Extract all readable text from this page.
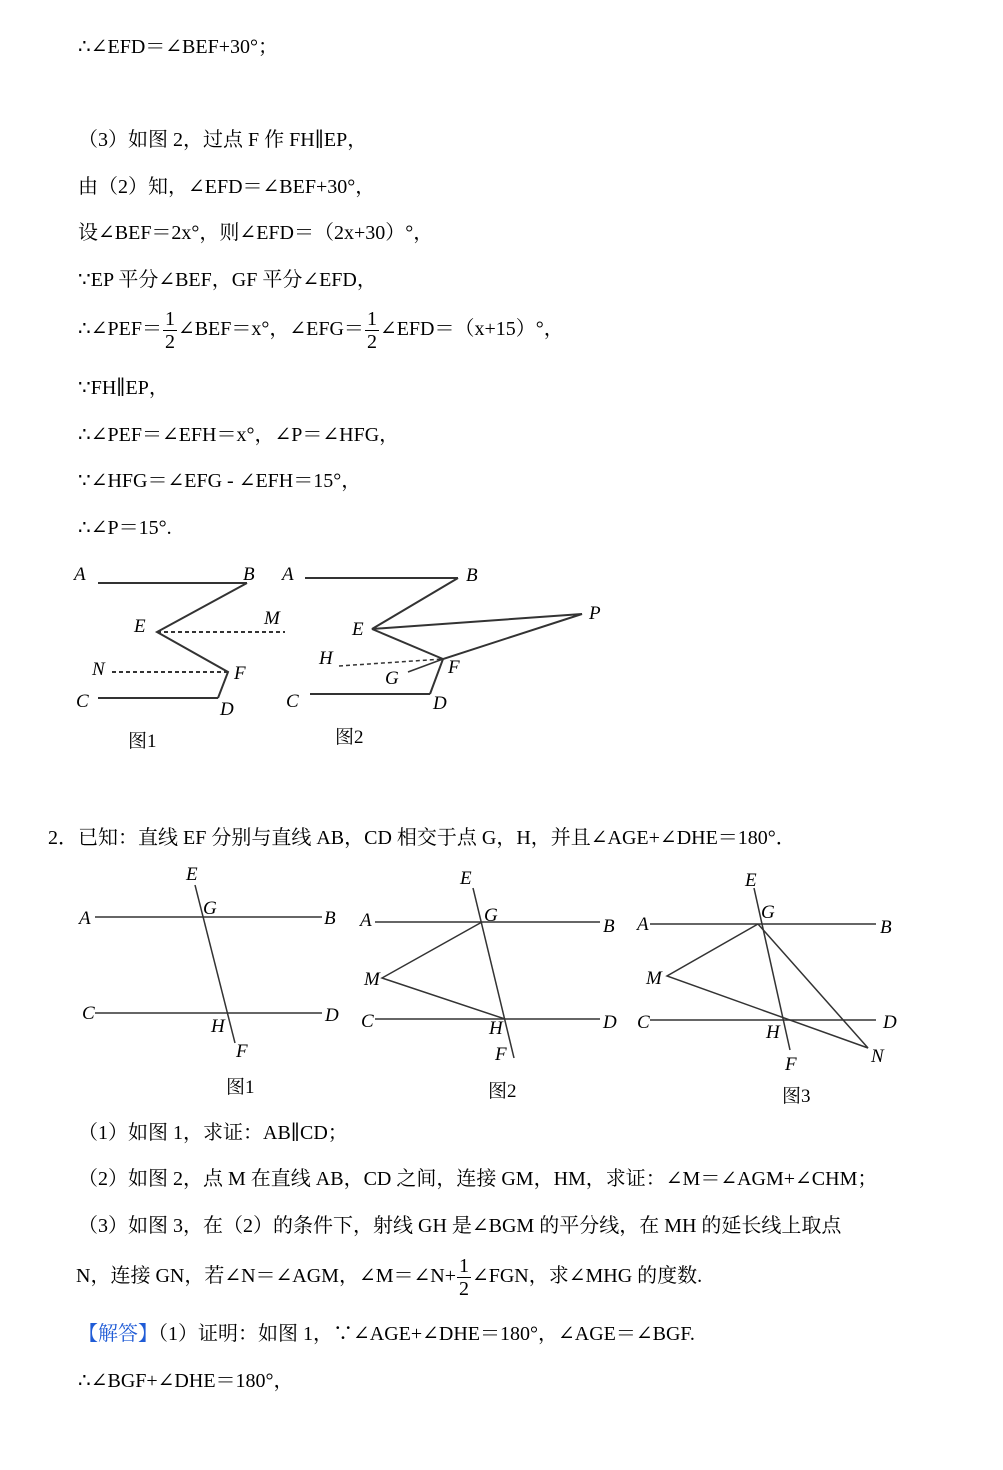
∴∠EFD＝∠BEF+30°；
（3）如图 2，过点 F 作 FH∥EP，
由（2）知，∠EFD＝∠BEF+30°，
设∠BEF＝2x°，则∠EFD＝（2x+30）°，
∵EP 平分∠BEF，GF 平分∠EFD，
∴∠PEF＝ $\frac{1}{2}$ ∠BEF＝x°，∠EFG＝ $\frac{1}{2}$ ∠EFD＝（x+15）°，
∵FH∥EP，
∴∠PEF＝∠EFH＝x°，∠P＝∠HFG，
∵∠HFG＝∠EFG - ∠EFH＝15°，
∴∠P＝15°.
A	B
E	M
N	F
C	D
图1
A	B
E
P
H
G
F
C	D
图2
A	B
E
G
C	D
H
F
图1
A	B
E
G
M
C	D
H
F
图2
A	B
E
G
M
C	D
H
N
F
图3
2．已知：直线 EF 分别与直线 AB，CD 相交于点 G，H，并且∠AGE+∠DHE＝180°．
（1）如图 1，求证：AB∥CD；
（2）如图 2，点 M 在直线 AB，CD 之间，连接 GM，HM，求证：∠M＝∠AGM+∠CHM；
（3）如图 3，在（2）的条件下，射线 GH 是∠BGM 的平分线，在 MH 的延长线上取点
N，连接 GN，若∠N＝∠AGM，∠M＝∠N+ $\frac{1}{2}$ ∠FGN，求∠MHG 的度数.
【解答】（1）证明：如图 1，∵∠AGE+∠DHE＝180°，∠AGE＝∠BGF.
∴∠BGF+∠DHE＝180°，
